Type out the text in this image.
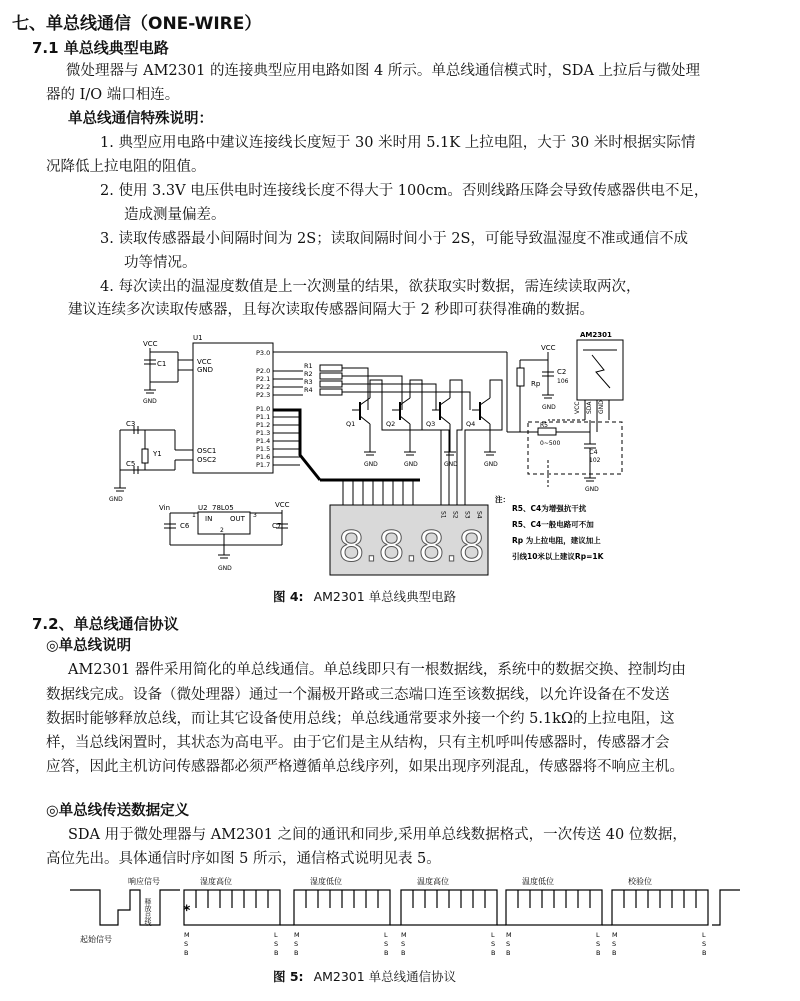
七、单总线通信（ONE-WIRE）
7.1 单总线典型电路
微处理器与 AM2301 的连接典型应用电路如图 4 所示。单总线通信模式时，SDA 上拉后与微处理
器的 I/O 端口相连。
单总线通信特殊说明：
1. 典型应用电路中建议连接线长度短于 30 米时用 5.1K 上拉电阻，大于 30 米时根据实际情
况降低上拉电阻的阻值。
2. 使用 3.3V 电压供电时连接线长度不得大于 100cm。否则线路压降会导致传感器供电不足，
造成测量偏差。
3. 读取传感器最小间隔时间为 2S；读取间隔时间小于 2S，可能导致温湿度不准或通信不成
功等情况。
4. 每次读出的温湿度数值是上一次测量的结果，欲获取实时数据，需连续读取两次，
建议连续多次读取传感器，且每次读取传感器间隔大于 2 秒即可获得准确的数据。
VCC
C1
GND
U1
VCC
GND
OSC1
OSC2
P3.0
P2.0
P2.1
P2.2
P2.3
P1.0
P1.1
P1.2
P1.3
P1.4
P1.5
P1.6
P1.7
C3
C5
Y1
GND
Vin	U2 78L05
IN	OUT
1	3
2
VCC
C6	C7
GND
R1
R2
R3
R4
GND
Q1
GND
Q2
GND
Q3
GND
Q4
8.8.8.8
S1 S2 S3 S4
VCC
Rp
C2
106
GND
R5
0~500
C4
102
GND
AM2301
VCC SDA GND
注：
R5、C4为增强抗干扰
R5、C4一般电路可不加
Rp 为上拉电阻，建议加上
引线10米以上建议Rp=1K
图 4: AM2301 单总线典型电路
7.2、单总线通信协议
◎单总线说明
AM2301 器件采用简化的单总线通信。单总线即只有一根数据线，系统中的数据交换、控制均由
数据线完成。设备（微处理器）通过一个漏极开路或三态端口连至该数据线，以允许设备在不发送
数据时能够释放总线，而让其它设备使用总线；单总线通常要求外接一个约 5.1kΩ的上拉电阻，这
样，当总线闲置时，其状态为高电平。由于它们是主从结构，只有主机呼叫传感器时，传感器才会
应答，因此主机访问传感器都必须严格遵循单总线序列，如果出现序列混乱，传感器将不响应主机。
◎单总线传送数据定义
SDA 用于微处理器与 AM2301 之间的通讯和同步,采用单总线数据格式，一次传送 40 位数据，
高位先出。具体通信时序如图 5 所示，通信格式说明见表 5。
湿度高位
M
S
B
L
S
B
湿度低位
M
S
B
L
S
B
温度高位
M
S
B
L
S
B
温度低位
M
S
B
L
S
B
校验位
M
S
B
L
S
B
起始信号
响应信号
释放总线 *
图 5: AM2301 单总线通信协议
